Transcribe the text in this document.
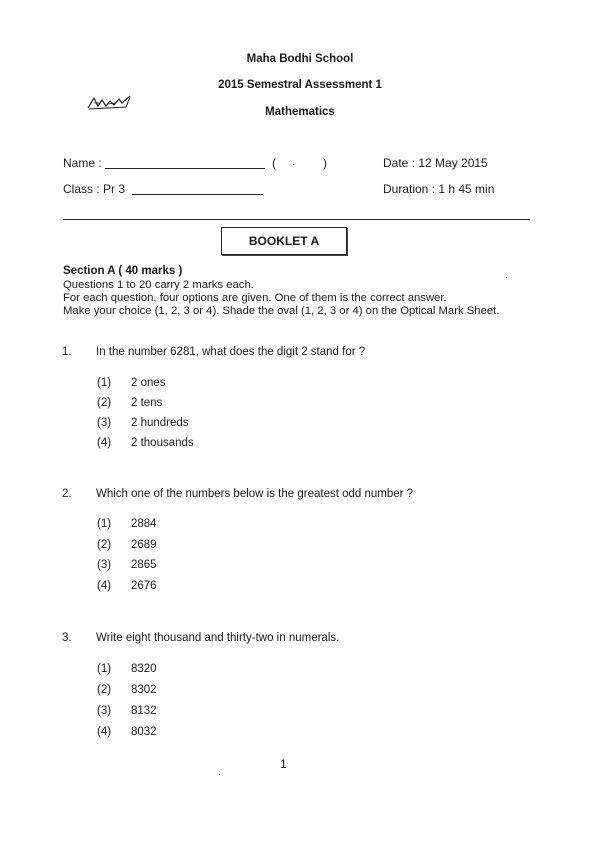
Maha Bodhi School
2015 Semestral Assessment 1
Mathematics
Name :	( . )	Date : 12 May 2015
Class : Pr 3	Duration : 1 h 45 min
BOOKLET A
Section A ( 40 marks )
Questions 1 to 20 carry 2 marks each.
For each question, four options are given. One of them is the correct answer.
Make your choice (1, 2, 3 or 4). Shade the oval (1, 2, 3 or 4) on the Optical Mark Sheet.
1. In the number 6281, what does the digit 2 stand for ?
(1) 2 ones
(2) 2 tens
(3) 2 hundreds
(4) 2 thousands
2. Which one of the numbers below is the greatest odd number ?
(1) 2884
(2) 2689
(3) 2865
(4) 2676
3. Write eight thousand and thirty-two in numerals.
(1) 8320
(2) 8302
(3) 8132
(4) 8032
1
